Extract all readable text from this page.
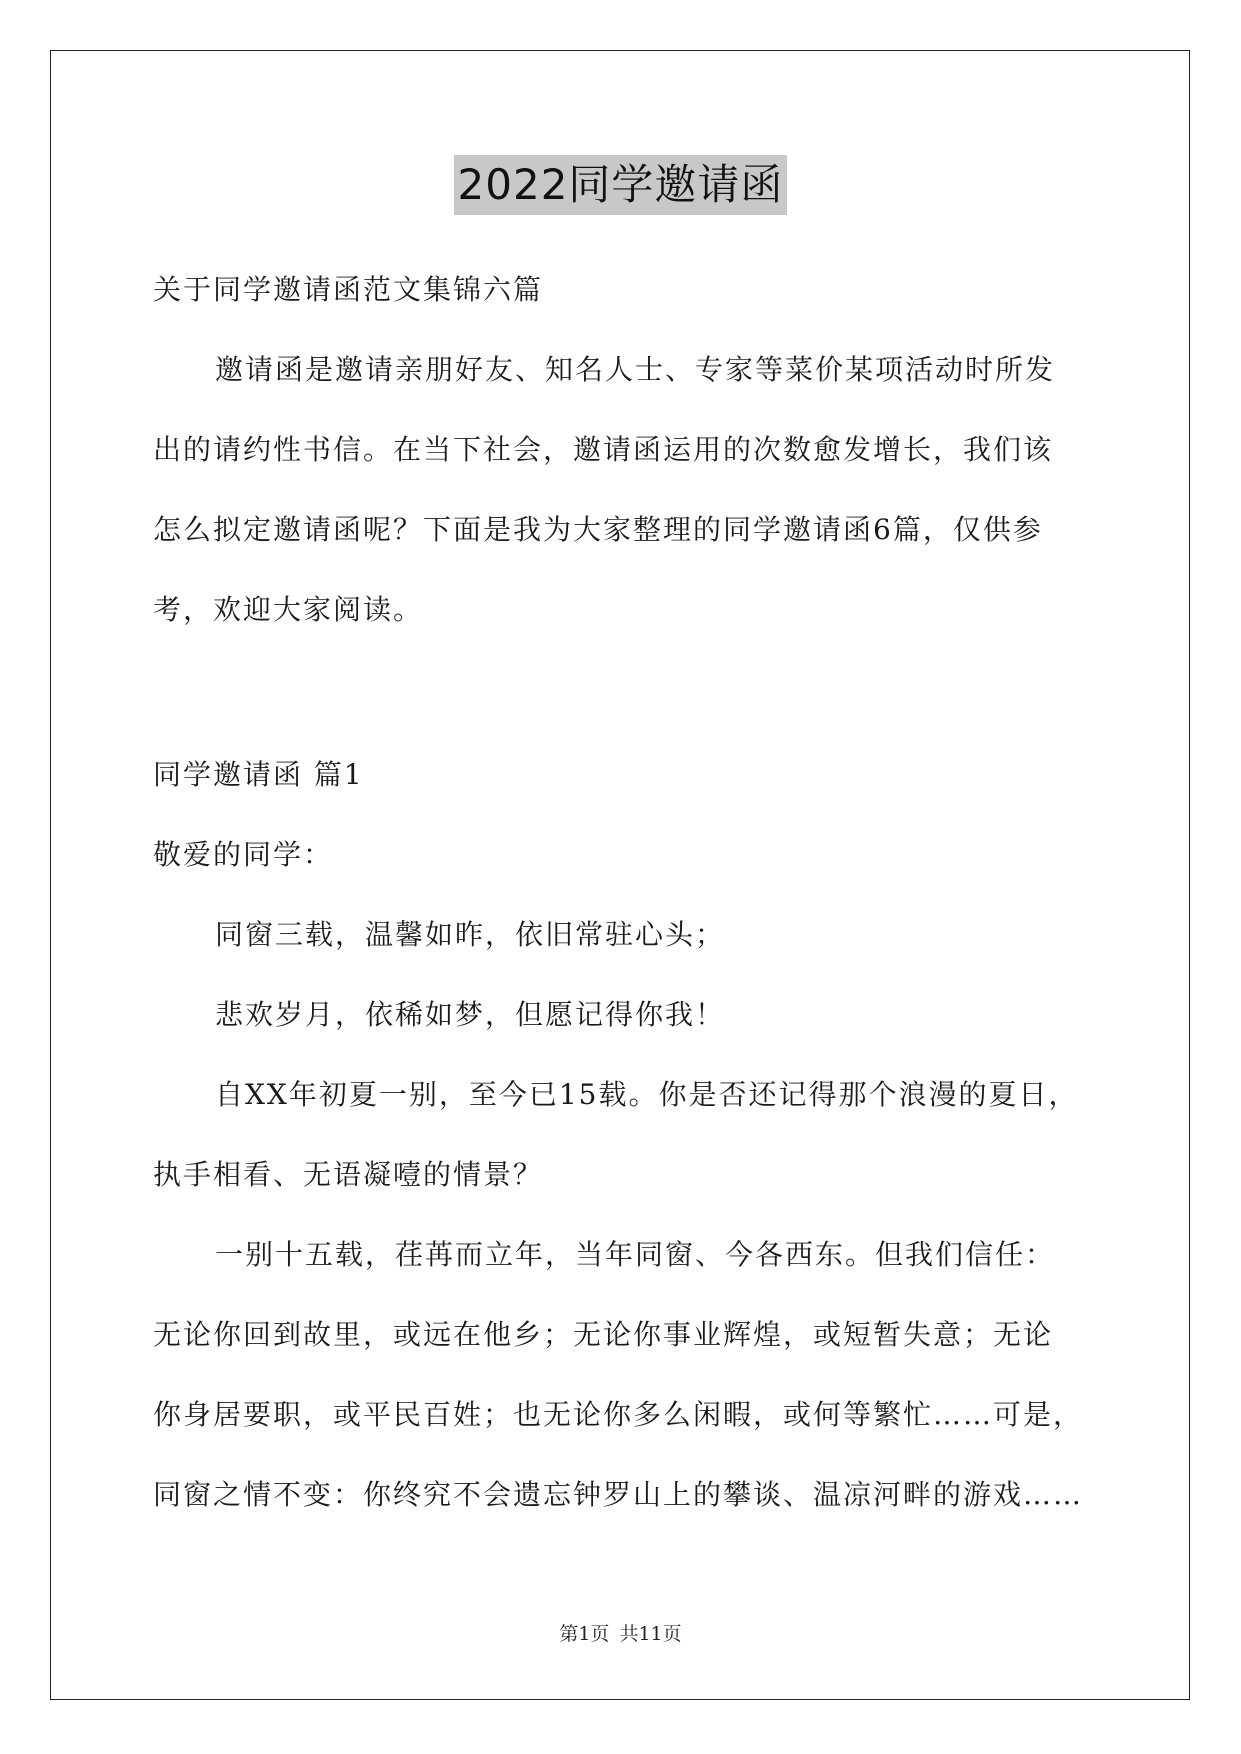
2022同学邀请函
关于同学邀请函范文集锦六篇
邀请函是邀请亲朋好友、知名人士、专家等菜价某项活动时所发
出的请约性书信。在当下社会，邀请函运用的次数愈发增长，我们该
怎么拟定邀请函呢？下面是我为大家整理的同学邀请函6篇，仅供参
考，欢迎大家阅读。
同学邀请函 篇1
敬爱的同学：
同窗三载，温馨如昨，依旧常驻心头；
悲欢岁月，依稀如梦，但愿记得你我！
自XX年初夏一别，至今已15载。你是否还记得那个浪漫的夏日，
执手相看、无语凝噎的情景？
一别十五载，荏苒而立年，当年同窗、今各西东。但我们信任：
无论你回到故里，或远在他乡；无论你事业辉煌，或短暂失意；无论
你身居要职，或平民百姓；也无论你多么闲暇，或何等繁忙……可是，
同窗之情不变：你终究不会遗忘钟罗山上的攀谈、温凉河畔的游戏……
第1页 共11页
